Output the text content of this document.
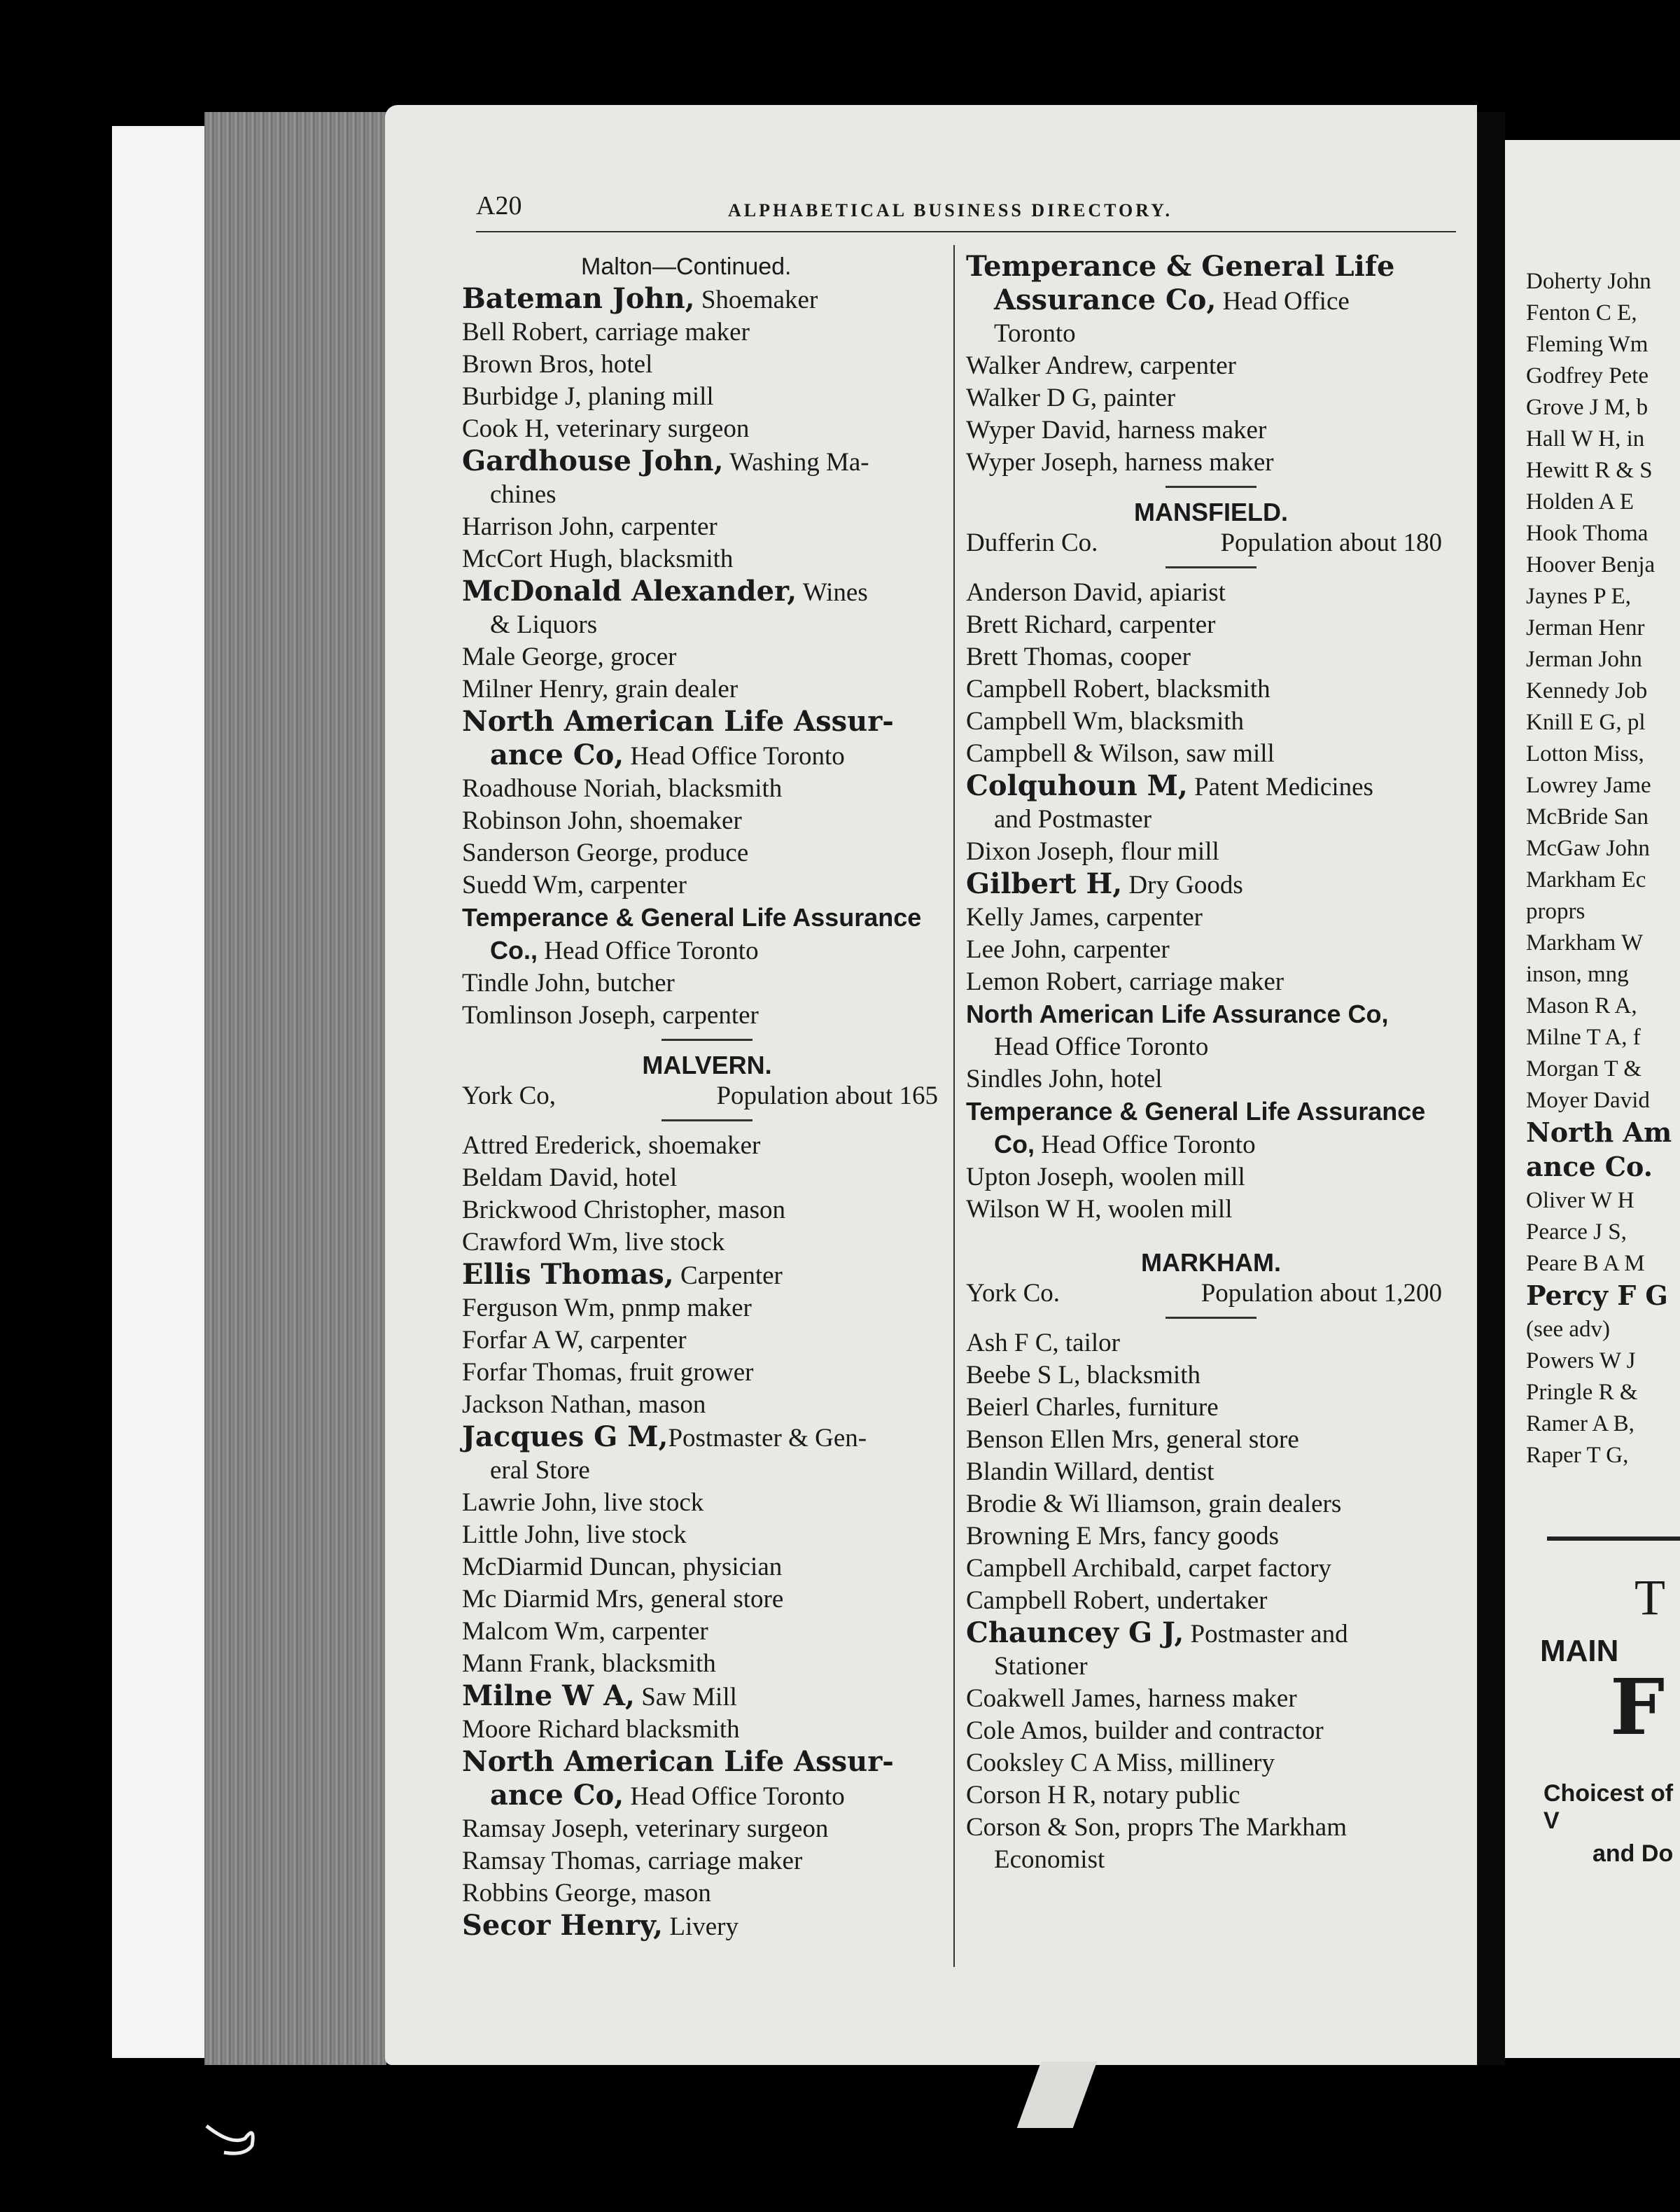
Doherty John
Fenton C E,
Fleming Wm
Godfrey Pete
Grove J M, b
Hall W H, in
Hewitt R & S
Holden A E
Hook Thoma
Hoover Benja
Jaynes P E,
Jerman Henr
Jerman John
Kennedy Job
Knill E G, pl
Lotton Miss,
Lowrey Jame
McBride San
McGaw John
Markham Ec
proprs
Markham W
inson, mng
Mason R A,
Milne T A, f
Morgan T &
Moyer David
North Am
ance Co.
Oliver W H
Pearce J S,
Peare B A M
Percy F G
(see adv)
Powers W J
Pringle R &
Ramer A B,
Raper T G,
T
MAIN
F
Choicest of V
and Do
A20	ALPHABETICAL BUSINESS DIRECTORY.
Malton—Continued.
Bateman John, Shoemaker
Bell Robert, carriage maker
Brown Bros, hotel
Burbidge J, planing mill
Cook H, veterinary surgeon
Gardhouse John, Washing Ma-
chines
Harrison John, carpenter
McCort Hugh, blacksmith
McDonald Alexander, Wines
& Liquors
Male George, grocer
Milner Henry, grain dealer
North American Life Assur-
ance Co, Head Office Toronto
Roadhouse Noriah, blacksmith
Robinson John, shoemaker
Sanderson George, produce
Suedd Wm, carpenter
Temperance & General Life Assurance
Co., Head Office Toronto
Tindle John, butcher
Tomlinson Joseph, carpenter
MALVERN.
York Co,	Population about 165
Attred Erederick, shoemaker
Beldam David, hotel
Brickwood Christopher, mason
Crawford Wm, live stock
Ellis Thomas, Carpenter
Ferguson Wm, pnmp maker
Forfar A W, carpenter
Forfar Thomas, fruit grower
Jackson Nathan, mason
Jacques G M,Postmaster & Gen-
eral Store
Lawrie John, live stock
Little John, live stock
McDiarmid Duncan, physician
Mc Diarmid Mrs, general store
Malcom Wm, carpenter
Mann Frank, blacksmith
Milne W A, Saw Mill
Moore Richard blacksmith
North American Life Assur-
ance Co, Head Office Toronto
Ramsay Joseph, veterinary surgeon
Ramsay Thomas, carriage maker
Robbins George, mason
Secor Henry, Livery
Temperance & General Life
Assurance Co, Head Office
Toronto
Walker Andrew, carpenter
Walker D G, painter
Wyper David, harness maker
Wyper Joseph, harness maker
MANSFIELD.
Dufferin Co.	Population about 180
Anderson David, apiarist
Brett Richard, carpenter
Brett Thomas, cooper
Campbell Robert, blacksmith
Campbell Wm, blacksmith
Campbell & Wilson, saw mill
Colquhoun M, Patent Medicines
and Postmaster
Dixon Joseph, flour mill
Gilbert H, Dry Goods
Kelly James, carpenter
Lee John, carpenter
Lemon Robert, carriage maker
North American Life Assurance Co,
Head Office Toronto
Sindles John, hotel
Temperance & General Life Assurance
Co, Head Office Toronto
Upton Joseph, woolen mill
Wilson W H, woolen mill
MARKHAM.
York Co.	Population about 1,200
Ash F C, tailor
Beebe S L, blacksmith
Beierl Charles, furniture
Benson Ellen Mrs, general store
Blandin Willard, dentist
Brodie & Wi lliamson, grain dealers
Browning E Mrs, fancy goods
Campbell Archibald, carpet factory
Campbell Robert, undertaker
Chauncey G J, Postmaster and
Stationer
Coakwell James, harness maker
Cole Amos, builder and contractor
Cooksley C A Miss, millinery
Corson H R, notary public
Corson & Son, proprs The Markham
Economist
